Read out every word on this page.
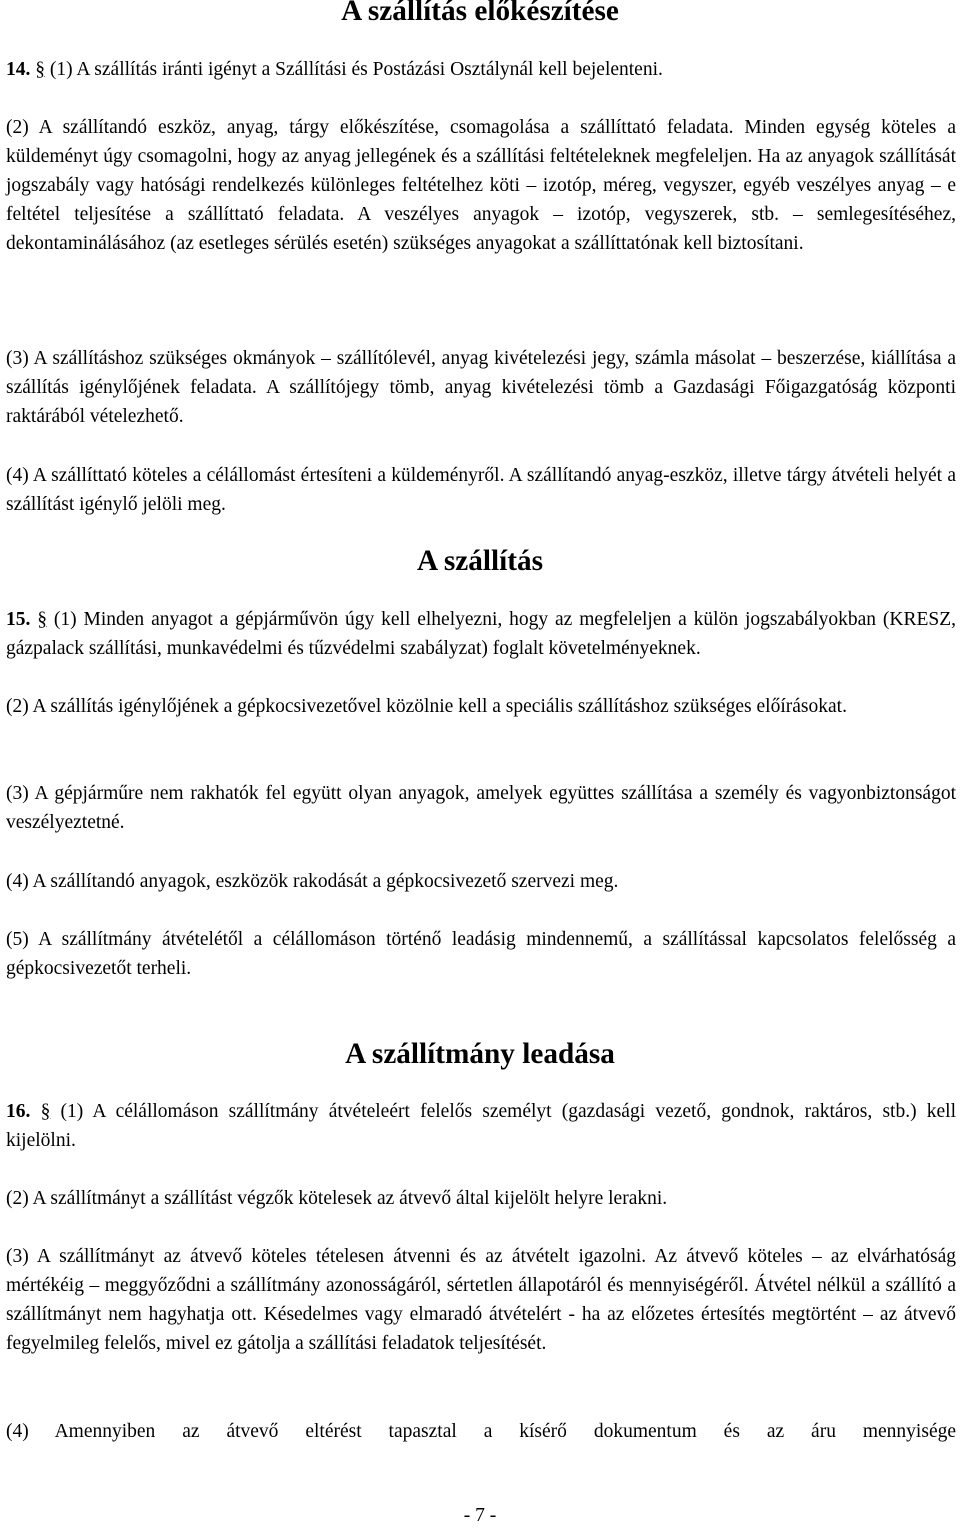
A szállítás előkészítése

14. § (1) A szállítás iránti igényt a Szállítási és Postázási Osztálynál kell bejelenteni.

(2) A szállítandó eszköz, anyag, tárgy előkészítése, csomagolása a szállíttató feladata. Minden egység köteles a küldeményt úgy csomagolni, hogy az anyag jellegének és a szállítási feltételeknek megfeleljen. Ha az anyagok szállítását jogszabály vagy hatósági rendelkezés különleges feltételhez köti – izotóp, méreg, vegyszer, egyéb veszélyes anyag – e feltétel teljesítése a szállíttató feladata. A veszélyes anyagok – izotóp, vegyszerek, stb. – semlegesítéséhez, dekontaminálásához (az esetleges sérülés esetén) szükséges anyagokat a szállíttatónak kell biztosítani.

(3) A szállításhoz szükséges okmányok – szállítólevél, anyag kivételezési jegy, számla másolat – beszerzése, kiállítása a szállítás igénylőjének feladata. A szállítójegy tömb, anyag kivételezési tömb a Gazdasági Főigazgatóság központi raktárából vételezhető.

(4) A szállíttató köteles a célállomást értesíteni a küldeményről. A szállítandó anyag-eszköz, illetve tárgy átvételi helyét a szállítást igénylő jelöli meg.

A szállítás

15. § (1) Minden anyagot a gépjárművön úgy kell elhelyezni, hogy az megfeleljen a külön jogszabályokban (KRESZ, gázpalack szállítási, munkavédelmi és tűzvédelmi szabályzat) foglalt követelményeknek.

(2) A szállítás igénylőjének a gépkocsivezetővel közölnie kell a speciális szállításhoz szükséges előírásokat.

(3) A gépjárműre nem rakhatók fel együtt olyan anyagok, amelyek együttes szállítása a személy és vagyonbiztonságot veszélyeztetné.

(4) A szállítandó anyagok, eszközök rakodását a gépkocsivezető szervezi meg.

(5) A szállítmány átvételétől a célállomáson történő leadásig mindennemű, a szállítással kapcsolatos felelősség a gépkocsivezetőt terheli.

A szállítmány leadása

16. § (1) A célállomáson szállítmány átvételeért felelős személyt (gazdasági vezető, gondnok, raktáros, stb.) kell kijelölni.

(2) A szállítmányt a szállítást végzők kötelesek az átvevő által kijelölt helyre lerakni.

(3) A szállítmányt az átvevő köteles tételesen átvenni és az átvételt igazolni. Az átvevő köteles – az elvárhatóság mértékéig – meggyőződni a szállítmány azonosságáról, sértetlen állapotáról és mennyiségéről. Átvétel nélkül a szállító a szállítmányt nem hagyhatja ott. Késedelmes vagy elmaradó átvételért - ha az előzetes értesítés megtörtént – az átvevő fegyelmileg felelős, mivel ez gátolja a szállítási feladatok teljesítését.

(4) Amennyiben az átvevő eltérést tapasztal a kísérő dokumentum és az áru mennyisége

- 7 -
